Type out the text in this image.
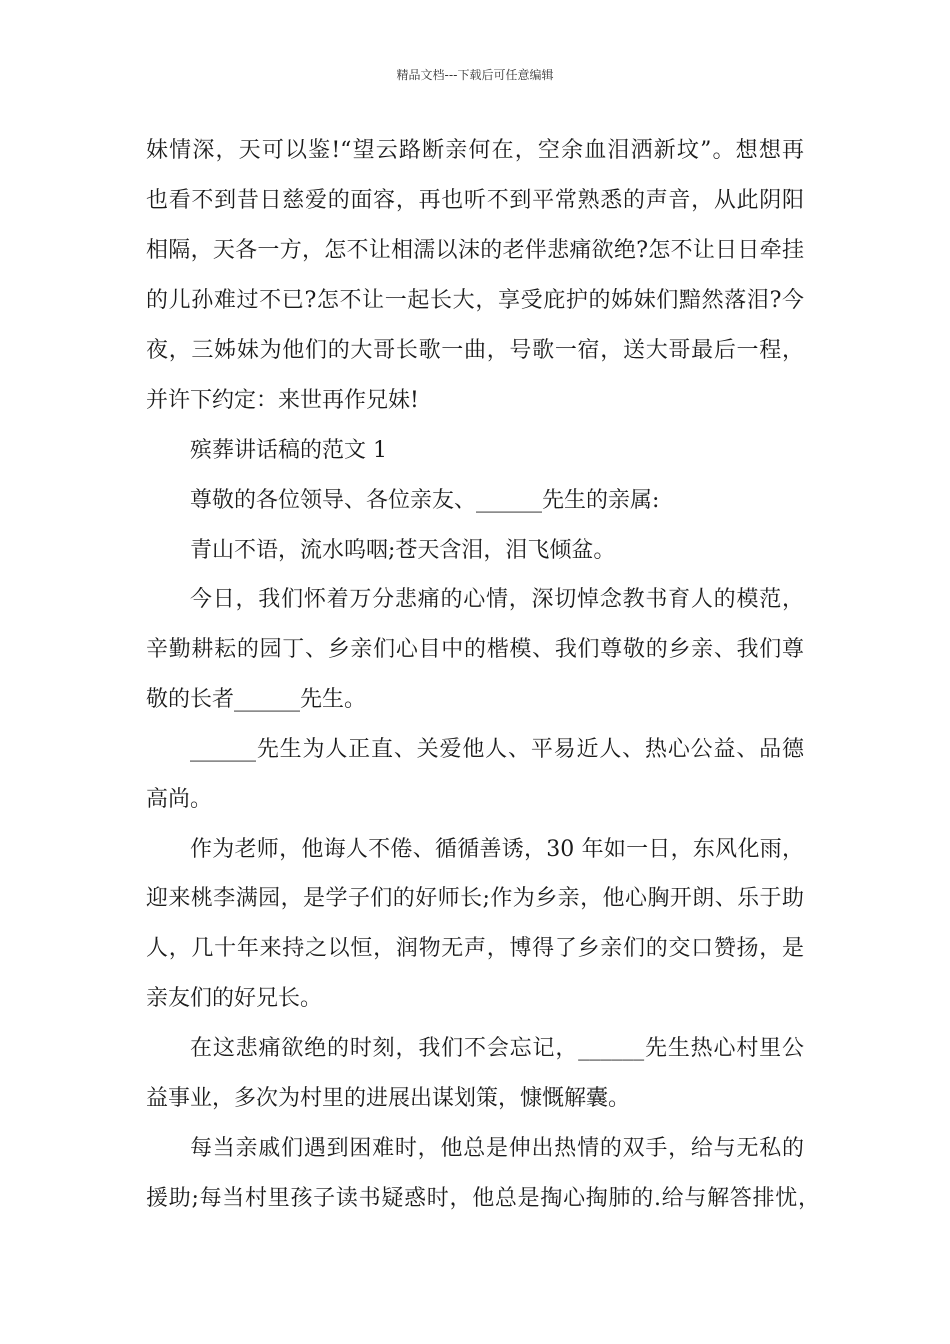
精品文档---下载后可任意编辑
妹情深，天可以鉴!“望云路断亲何在，空余血泪洒新坟”。想想再
也看不到昔日慈爱的面容，再也听不到平常熟悉的声音，从此阴阳
相隔，天各一方，怎不让相濡以沫的老伴悲痛欲绝?怎不让日日牵挂
的儿孙难过不已?怎不让一起长大，享受庇护的姊妹们黯然落泪?今
夜，三姊妹为他们的大哥长歌一曲，号歌一宿，送大哥最后一程，
并许下约定：来世再作兄妹!
殡葬讲话稿的范文 1
尊敬的各位领导、各位亲友、______先生的亲属:
青山不语，流水呜咽;苍天含泪，泪飞倾盆。
今日，我们怀着万分悲痛的心情，深切悼念教书育人的模范，
辛勤耕耘的园丁、乡亲们心目中的楷模、我们尊敬的乡亲、我们尊
敬的长者______先生。
______先生为人正直、关爱他人、平易近人、热心公益、品德
高尚。
作为老师，他诲人不倦、循循善诱，30 年如一日，东风化雨，
迎来桃李满园，是学子们的好师长;作为乡亲，他心胸开朗、乐于助
人，几十年来持之以恒，润物无声，博得了乡亲们的交口赞扬，是
亲友们的好兄长。
在这悲痛欲绝的时刻，我们不会忘记，______先生热心村里公
益事业，多次为村里的进展出谋划策，慷慨解囊。
每当亲戚们遇到困难时，他总是伸出热情的双手，给与无私的
援助;每当村里孩子读书疑惑时，他总是掏心掏肺的.给与解答排忧，
